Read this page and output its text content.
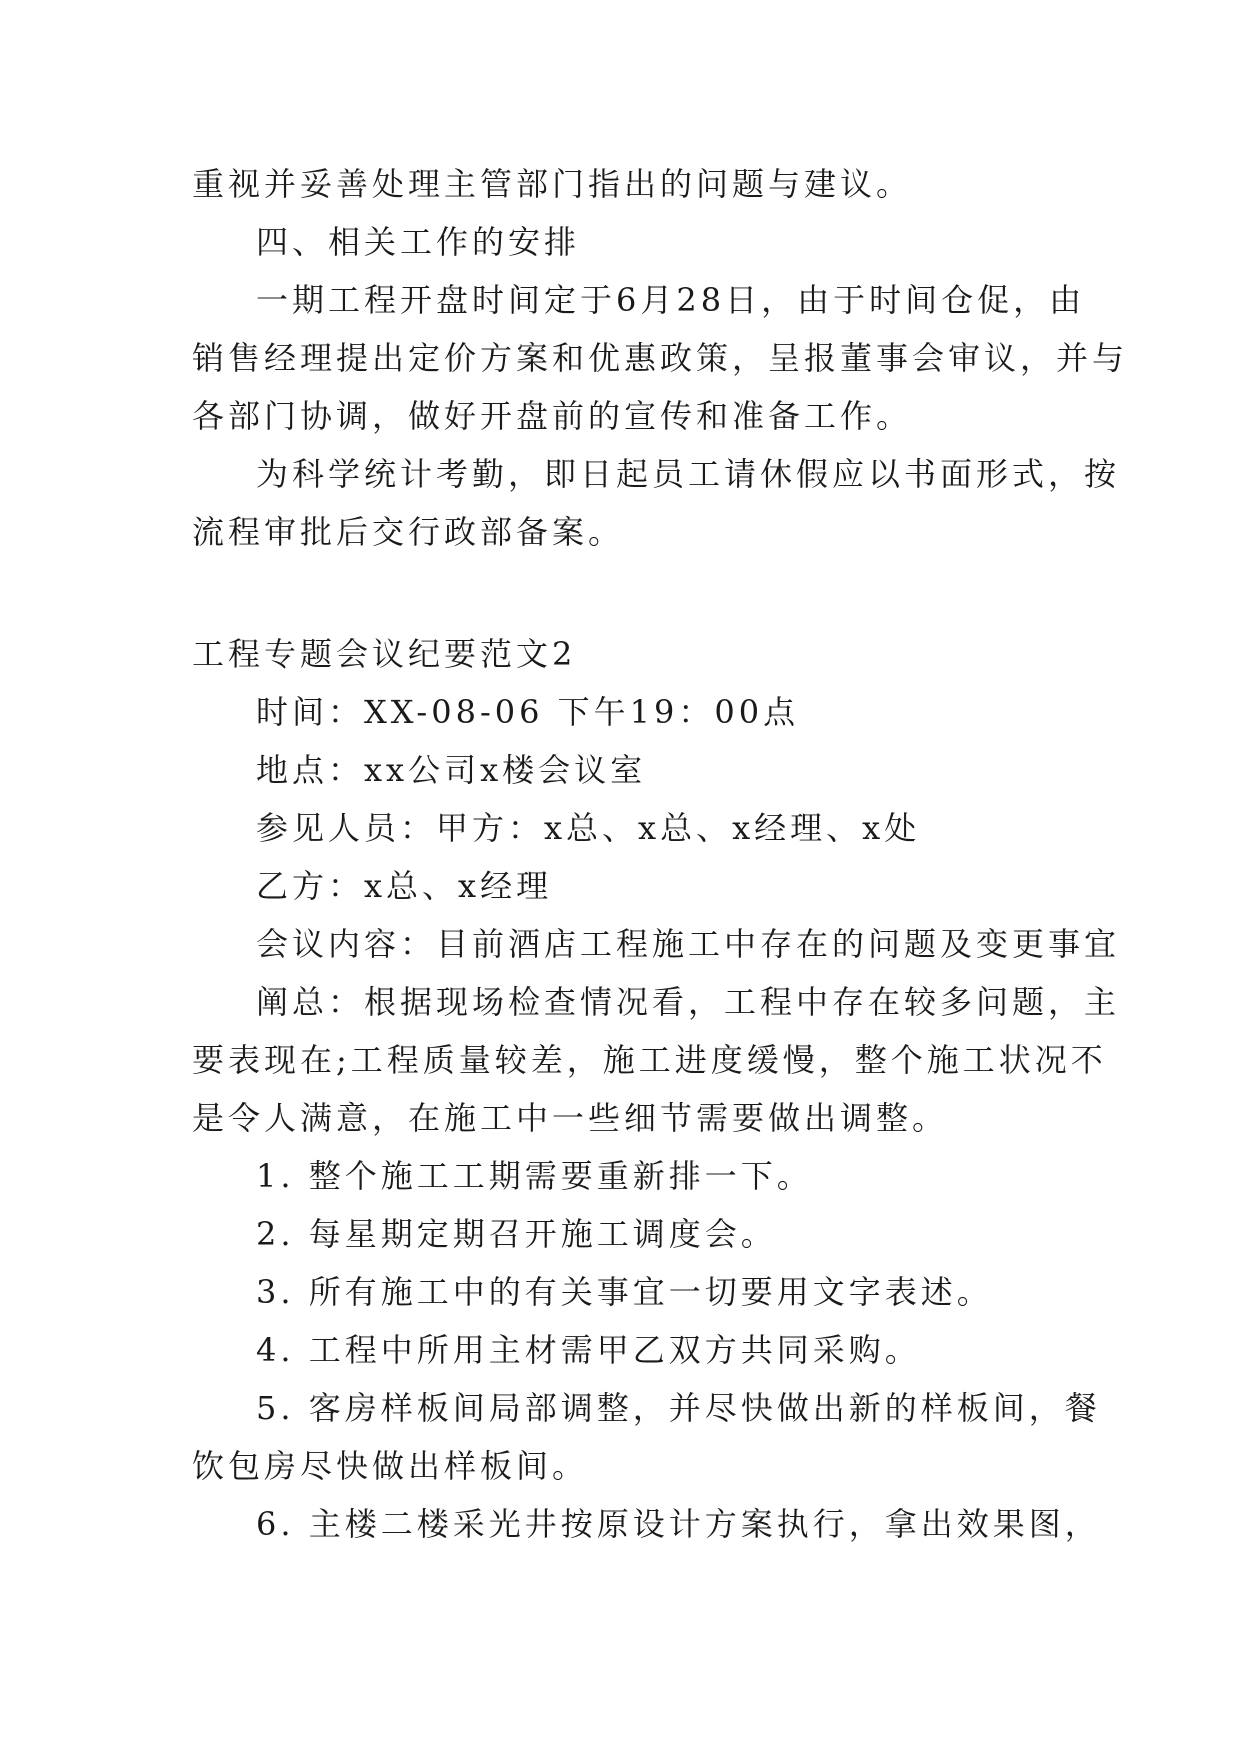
重视并妥善处理主管部门指出的问题与建议。
四、相关工作的安排
一期工程开盘时间定于6月28日，由于时间仓促，由
销售经理提出定价方案和优惠政策，呈报董事会审议，并与
各部门协调，做好开盘前的宣传和准备工作。
为科学统计考勤，即日起员工请休假应以书面形式，按
流程审批后交行政部备案。
工程专题会议纪要范文2
时间：XX-08-06 下午19：00点
地点：xx公司x楼会议室
参见人员：甲方：x总、x总、x经理、x处
乙方：x总、x经理
会议内容：目前酒店工程施工中存在的问题及变更事宜
阐总：根据现场检查情况看，工程中存在较多问题，主
要表现在;工程质量较差，施工进度缓慢，整个施工状况不
是令人满意，在施工中一些细节需要做出调整。
1. 整个施工工期需要重新排一下。
2. 每星期定期召开施工调度会。
3. 所有施工中的有关事宜一切要用文字表述。
4. 工程中所用主材需甲乙双方共同采购。
5. 客房样板间局部调整，并尽快做出新的样板间，餐
饮包房尽快做出样板间。
6. 主楼二楼采光井按原设计方案执行，拿出效果图，
